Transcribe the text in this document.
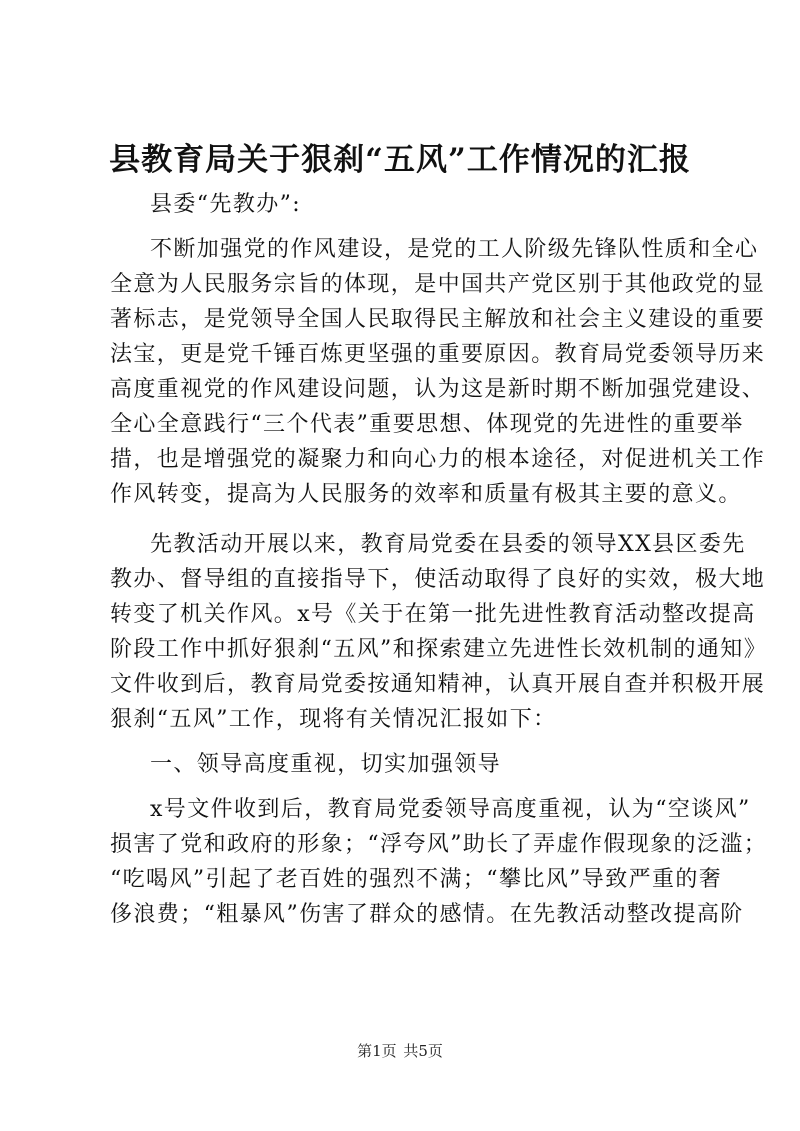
县教育局关于狠刹“五风”工作情况的汇报

县委“先教办”:

不断加强党的作风建设，是党的工人阶级先锋队性质和全心

全意为人民服务宗旨的体现，是中国共产党区别于其他政党的显

著标志，是党领导全国人民取得民主解放和社会主义建设的重要

法宝，更是党千锤百炼更坚强的重要原因。教育局党委领导历来

高度重视党的作风建设问题，认为这是新时期不断加强党建设、

全心全意践行“三个代表”重要思想、体现党的先进性的重要举

措，也是增强党的凝聚力和向心力的根本途径，对促进机关工作

作风转变，提高为人民服务的效率和质量有极其主要的意义。

先教活动开展以来，教育局党委在县委的领导XX县区委先

教办、督导组的直接指导下，使活动取得了良好的实效，极大地

转变了机关作风。x号《关于在第一批先进性教育活动整改提高

阶段工作中抓好狠刹“五风”和探索建立先进性长效机制的通知》

文件收到后，教育局党委按通知精神，认真开展自查并积极开展

狠刹“五风”工作，现将有关情况汇报如下：

一、领导高度重视，切实加强领导

x号文件收到后，教育局党委领导高度重视，认为“空谈风”

损害了党和政府的形象；“浮夸风”助长了弄虚作假现象的泛滥；

“吃喝风”引起了老百姓的强烈不满；“攀比风”导致严重的奢

侈浪费；“粗暴风”伤害了群众的感情。在先教活动整改提高阶

第1页 共5页
